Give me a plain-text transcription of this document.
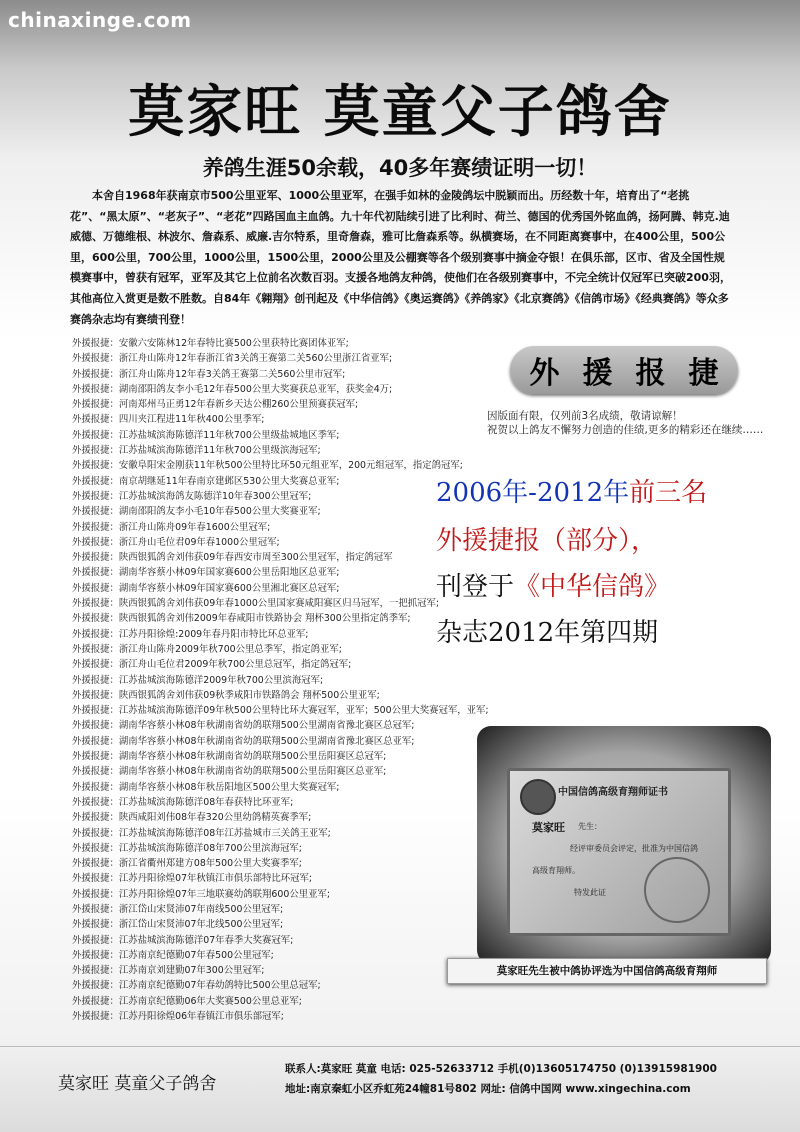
chinaxinge.com
莫家旺 莫童父子鸽舍
养鸽生涯50余载，40多年赛绩证明一切！
本舍自1968年获南京市500公里亚军、1000公里亚军，在强手如林的金陵鸽坛中脱颖而出。历经数十年，培育出了“老挑花”、“黑太原”、“老灰子”、“老花”四路国血主血鸽。九十年代初陆续引进了比利时、荷兰、德国的优秀国外铭血鸽，扬阿腾、韩克.迪威德、万德维根、林波尔、詹森系、威廉.吉尔特系，里奇詹森，雅可比詹森系等。纵横赛场，在不同距离赛事中，在400公里，500公里，600公里，700公里，1000公里，1500公里，2000公里及公棚赛等各个级别赛事中摘金夺银！在俱乐部，区市、省及全国性规模赛事中，曾获有冠军，亚军及其它上位前名次数百羽。支援各地鸽友种鸽，使他们在各级别赛事中，不完全统计仅冠军已突破200羽，其他高位入赏更是数不胜数。自84年《翱翔》创刊起及《中华信鸽》《奥运赛鸽》《养鸽家》《北京赛鸽》《信鸽市场》《经典赛鸽》等众多赛鸽杂志均有赛绩刊登！
外援报捷：安徽六安陈林12年春特比赛500公里获特比赛团体亚军;
外援报捷：浙江舟山陈舟12年春浙江省3关鸽王赛第二关560公里浙江省亚军;
外援报捷：浙江舟山陈舟12年春3关鸽王赛第二关560公里市冠军;
外援报捷：湖南邵阳鸽友李小毛12年春500公里大奖赛获总亚军，获奖金4万;
外援报捷：河南郑州马正勇12年春新乡天达公棚260公里预赛获冠军;
外援报捷：四川夹江程进11年秋400公里季军;
外援报捷：江苏盐城滨海陈德洋11年秋700公里级盐城地区季军;
外援报捷：江苏盐城滨海陈德洋11年秋700公里级滨海冠军;
外援报捷：安徽阜阳宋金刚获11年秋500公里特比环50元组亚军，200元组冠军，指定鸽冠军;
外援报捷：南京胡继延11年春南京建邺区530公里大奖赛总亚军;
外援报捷：江苏盐城滨海鸽友陈德洋10年春300公里冠军;
外援报捷：湖南邵阳鸽友李小毛10年春500公里大奖赛亚军;
外援报捷：浙江舟山陈舟09年春1600公里冠军;
外援报捷：浙江舟山毛位君09年春1000公里冠军;
外援报捷：陕西银狐鸽舍刘伟获09年春西安市周至300公里冠军，指定鸽冠军
外援报捷：湖南华容蔡小林09年国家赛600公里岳阳地区总亚军;
外援报捷：湖南华容蔡小林09年国家赛600公里湘北赛区总冠军;
外援报捷：陕西银狐鸽舍刘伟获09年春1000公里国家赛咸阳赛区归马冠军，一把抓冠军;
外援报捷：陕西银狐鸽舍刘伟2009年春咸阳市铁路协会 翔杯300公里指定鸽季军;
外援报捷：江苏丹阳徐煌:2009年春丹阳市特比环总亚军;
外援报捷：浙江舟山陈舟2009年秋700公里总季军，指定鸽亚军;
外援报捷：浙江舟山毛位君2009年秋700公里总冠军，指定鸽冠军;
外援报捷：江苏盐城滨海陈德洋2009年秋700公里滨海冠军;
外援报捷：陕西银狐鸽舍刘伟获09秋季咸阳市铁路鸽会 翔杯500公里亚军;
外援报捷：江苏盐城滨海陈德洋09年秋500公里特比环大赛冠军，亚军；500公里大奖赛冠军，亚军;
外援报捷：湖南华容蔡小林08年秋湖南省幼鸽联翔500公里湖南省豫北赛区总冠军;
外援报捷：湖南华容蔡小林08年秋湖南省幼鸽联翔500公里湖南省豫北赛区总亚军;
外援报捷：湖南华容蔡小林08年秋湖南省幼鸽联翔500公里岳阳赛区总冠军;
外援报捷：湖南华容蔡小林08年秋湖南省幼鸽联翔500公里岳阳赛区总亚军;
外援报捷：湖南华容蔡小林08年秋岳阳地区500公里大奖赛冠军;
外援报捷：江苏盐城滨海陈德洋08年春获特比环亚军;
外援报捷：陕西咸阳刘伟08年春320公里幼鸽精英赛季军;
外援报捷：江苏盐城滨海陈德洋08年江苏盐城市三关鸽王亚军;
外援报捷：江苏盐城滨海陈德洋08年700公里滨海冠军;
外援报捷：浙江省衢州郑建方08年500公里大奖赛季军;
外援报捷：江苏丹阳徐煌07年秋镇江市俱乐部特比环冠军;
外援报捷：江苏丹阳徐煌07年三地联赛幼鸽联翔600公里亚军;
外援报捷：浙江岱山宋贤沛07年南线500公里冠军;
外援报捷：浙江岱山宋贤沛07年北线500公里冠军;
外援报捷：江苏盐城滨海陈德洋07年春季大奖赛冠军;
外援报捷：江苏南京纪德勤07年春500公里冠军;
外援报捷：江苏南京刘建勤07年300公里冠军;
外援报捷：江苏南京纪德勤07年春幼鸽特比500公里总冠军;
外援报捷：江苏南京纪德勤06年大奖赛500公里总亚军;
外援报捷：江苏丹阳徐煌06年春镇江市俱乐部冠军;
外 援 报 捷
因版面有限，仅列前3名成绩，敬请谅解！
祝贺以上鸽友不懈努力创造的佳绩,更多的精彩还在继续……
2006年-2012年前三名
外援捷报（部分），
刊登于《中华信鸽》
杂志2012年第四期
中国信鸽高级育翔师证书
莫家旺 先生：
经评审委员会评定，批准为中国信鸽
高级育翔师。
特发此证
莫家旺先生被中鸽协评选为中国信鸽高级育翔师
莫家旺 莫童父子鸽舍
联系人:莫家旺 莫童 电话: 025-52633712 手机(0)13605174750 (0)13915981900
地址:南京秦虹小区乔虹苑24幢81号802 网址: 信鸽中国网 www.xingechina.com
